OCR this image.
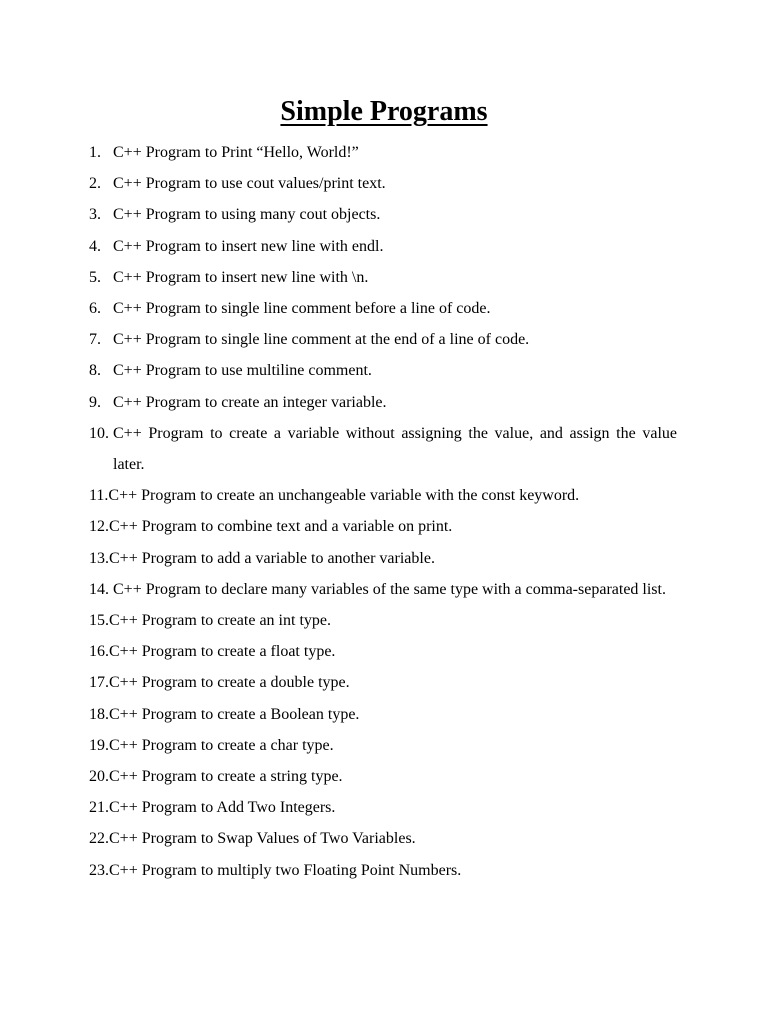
Simple Programs
1. C++ Program to Print “Hello, World!”
2. C++ Program to use cout values/print text.
3. C++ Program to using many cout objects.
4. C++ Program to insert new line with endl.
5. C++ Program to insert new line with \n.
6. C++ Program to single line comment before a line of code.
7. C++ Program to single line comment at the end of a line of code.
8. C++ Program to use multiline comment.
9. C++ Program to create an integer variable.
10. C++ Program to create a variable without assigning the value, and assign the value later.
11. C++ Program to create an unchangeable variable with the const keyword.
12. C++ Program to combine text and a variable on print.
13. C++ Program to add a variable to another variable.
14. C++ Program to declare many variables of the same type with a comma-separated list.
15. C++ Program to create an int type.
16. C++ Program to create a float type.
17. C++ Program to create a double type.
18. C++ Program to create a Boolean type.
19. C++ Program to create a char type.
20. C++ Program to create a string type.
21. C++ Program to Add Two Integers.
22. C++ Program to Swap Values of Two Variables.
23. C++ Program to multiply two Floating Point Numbers.
